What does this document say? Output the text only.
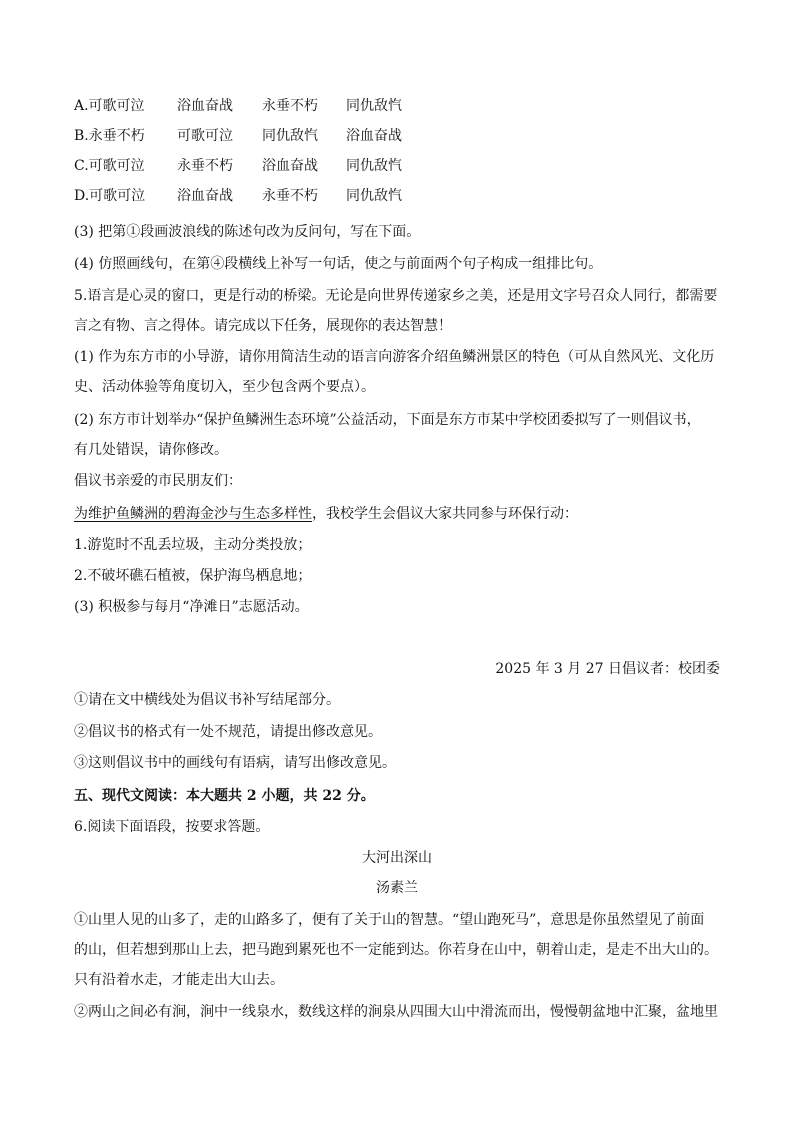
A.可歌可泣 浴血奋战 永垂不朽 同仇敌忾
B.永垂不朽 可歌可泣 同仇敌忾 浴血奋战
C.可歌可泣 永垂不朽 浴血奋战 同仇敌忾
D.可歌可泣 浴血奋战 永垂不朽 同仇敌忾
(3) 把第①段画波浪线的陈述句改为反问句，写在下面。
(4) 仿照画线句，在第④段横线上补写一句话，使之与前面两个句子构成一组排比句。
5.语言是心灵的窗口，更是行动的桥梁。无论是向世界传递家乡之美，还是用文字号召众人同行，都需要
言之有物、言之得体。请完成以下任务，展现你的表达智慧！
(1) 作为东方市的小导游，请你用简洁生动的语言向游客介绍鱼鳞洲景区的特色（可从自然风光、文化历
史、活动体验等角度切入，至少包含两个要点）。
(2) 东方市计划举办“保护鱼鳞洲生态环境”公益活动，下面是东方市某中学校团委拟写了一则倡议书，
有几处错误，请你修改。
倡议书亲爱的市民朋友们：
为维护鱼鳞洲的碧海金沙与生态多样性，我校学生会倡议大家共同参与环保行动：
1.游览时不乱丢垃圾，主动分类投放；
2.不破坏礁石植被，保护海鸟栖息地；
(3) 积极参与每月“净滩日”志愿活动。
2025 年 3 月 27 日倡议者：校团委
①请在文中横线处为倡议书补写结尾部分。
②倡议书的格式有一处不规范，请提出修改意见。
③这则倡议书中的画线句有语病，请写出修改意见。
五、现代文阅读：本大题共 2 小题，共 22 分。
6.阅读下面语段，按要求答题。
大河出深山
汤素兰
①山里人见的山多了，走的山路多了，便有了关于山的智慧。“望山跑死马”，意思是你虽然望见了前面
的山，但若想到那山上去，把马跑到累死也不一定能到达。你若身在山中，朝着山走，是走不出大山的。
只有沿着水走，才能走出大山去。
②两山之间必有涧，涧中一线泉水，数线这样的涧泉从四围大山中滑流而出，慢慢朝盆地中汇聚，盆地里
